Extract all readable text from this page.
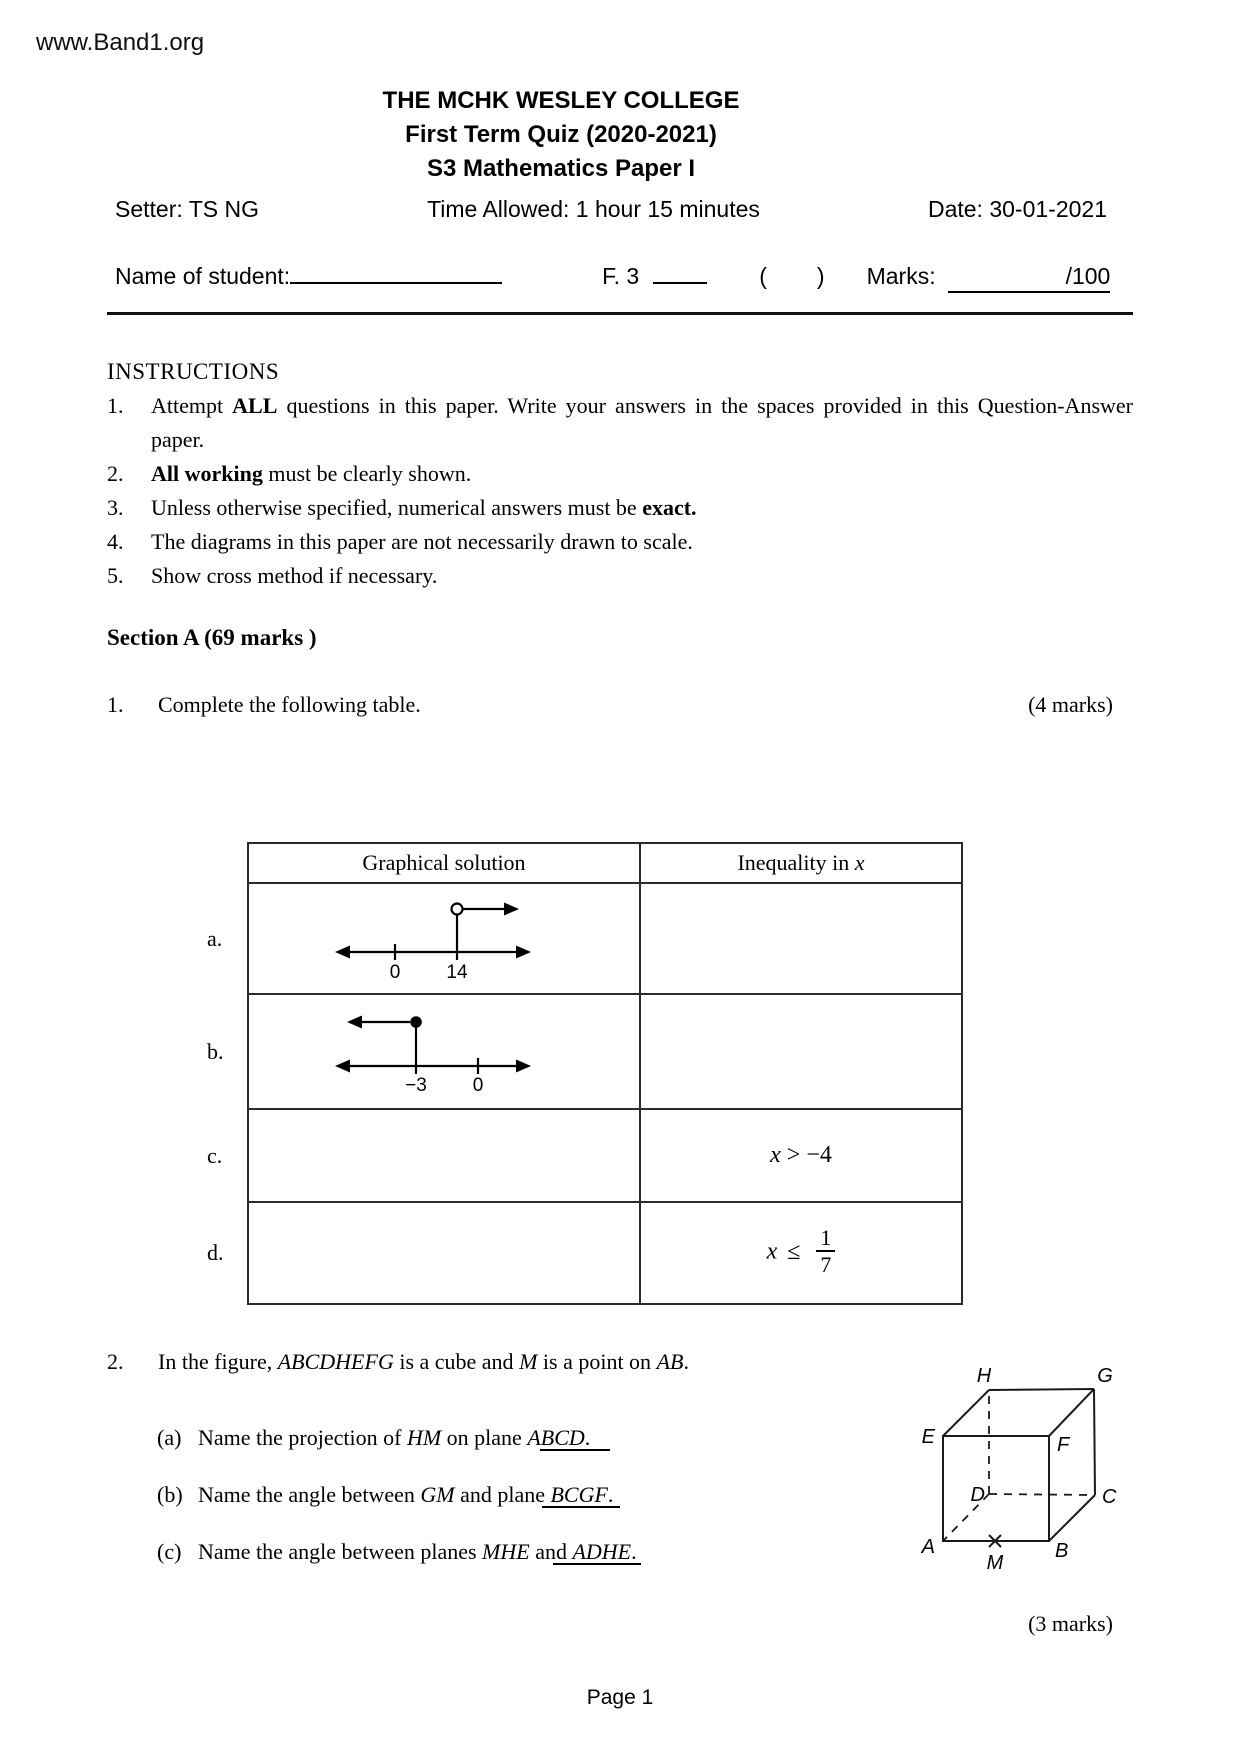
www.Band1.org
THE MCHK WESLEY COLLEGE
First Term Quiz (2020-2021)
S3 Mathematics Paper I
Setter: TS NG	Time Allowed: 1 hour 15 minutes	Date: 30-01-2021
Name of student:	F. 3	( ) Marks:	/100
INSTRUCTIONS
1.	Attempt ALL questions in this paper. Write your answers in the spaces provided in this Question-Answer paper.
2.	All working must be clearly shown.
3.	Unless otherwise specified, numerical answers must be exact.
4.	The diagrams in this paper are not necessarily drawn to scale.
5.	Show cross method if necessary.
Section A (69 marks )
1.	Complete the following table.	(4 marks)
	Graphical solution	Inequality in x
a.	0 14	

b.	−3 0	

c.		x > −4
d.		$x \le \frac{1}{7}$
2.	In the figure, ABCDHEFG is a cube and M is a point on AB.
(a) Name the projection of HM on plane ABCD.
(b) Name the angle between GM and plane BCGF.
(c) Name the angle between planes MHE and ADHE.
H	G
E	F
D	C
A	B
M
(3 marks)
Page 1
